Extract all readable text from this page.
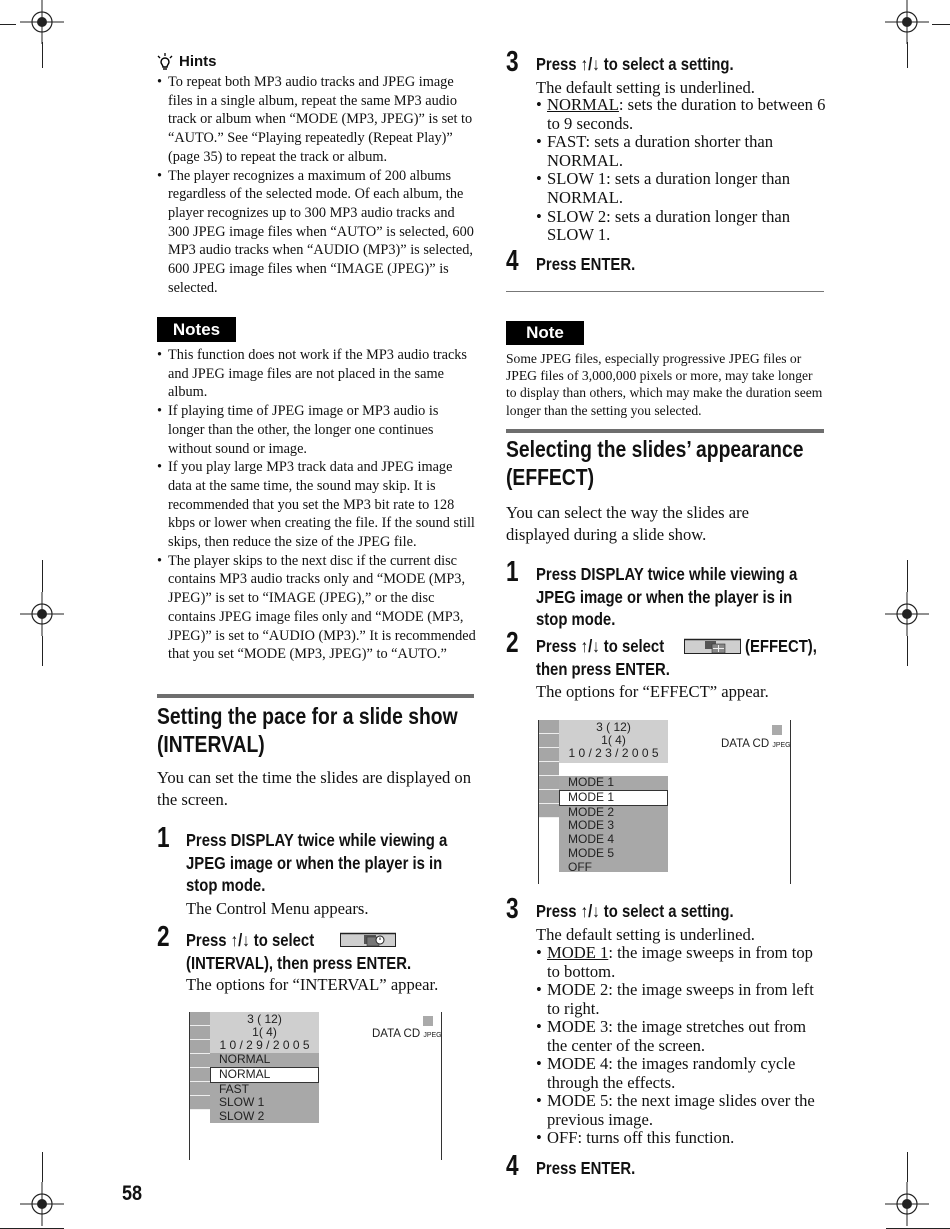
Hints
• To repeat both MP3 audio tracks and JPEG image files in a single album, repeat the same MP3 audio track or album when “MODE (MP3, JPEG)” is set to “AUTO.” See “Playing repeatedly (Repeat Play)” (page 35) to repeat the track or album.
• The player recognizes a maximum of 200 albums regardless of the selected mode. Of each album, the player recognizes up to 300 MP3 audio tracks and 300 JPEG image files when “AUTO” is selected, 600 MP3 audio tracks when “AUDIO (MP3)” is selected, 600 JPEG image files when “IMAGE (JPEG)” is selected.
Notes
• This function does not work if the MP3 audio tracks and JPEG image files are not placed in the same album.
• If playing time of JPEG image or MP3 audio is longer than the other, the longer one continues without sound or image.
• If you play large MP3 track data and JPEG image data at the same time, the sound may skip. It is recommended that you set the MP3 bit rate to 128 kbps or lower when creating the file. If the sound still skips, then reduce the size of the JPEG file.
• The player skips to the next disc if the current disc contains MP3 audio tracks only and “MODE (MP3, JPEG)” is set to “IMAGE (JPEG),” or the disc contains JPEG image files only and “MODE (MP3, JPEG)” is set to “AUDIO (MP3).” It is recommended that you set “MODE (MP3, JPEG)” to “AUTO.”
Setting the pace for a slide show
(INTERVAL)
You can set the time the slides are displayed on the screen.
1 Press DISPLAY twice while viewing a JPEG image or when the player is in stop mode.
The Control Menu appears.
2 Press ↑/↓ to select
(INTERVAL), then press ENTER.
The options for “INTERVAL” appear.
3 ( 12)
1( 4)
1 0 / 2 9 / 2 0 0 5
DATA CD JPEG
NORMAL
NORMAL
FAST
SLOW 1
SLOW 2
58
3 Press ↑/↓ to select a setting.
The default setting is underlined.
• NORMAL: sets the duration to between 6 to 9 seconds.
• FAST: sets a duration shorter than NORMAL.
• SLOW 1: sets a duration longer than NORMAL.
• SLOW 2: sets a duration longer than SLOW 1.
4 Press ENTER.
Note
Some JPEG files, especially progressive JPEG files or JPEG files of 3,000,000 pixels or more, may take longer to display than others, which may make the duration seem longer than the setting you selected.
Selecting the slides’ appearance
(EFFECT)
You can select the way the slides are displayed during a slide show.
1 Press DISPLAY twice while viewing a JPEG image or when the player is in stop mode.
2 Press ↑/↓ to select	(EFFECT),
then press ENTER.
The options for “EFFECT” appear.
3 ( 12)
1( 4)
1 0 / 2 3 / 2 0 0 5
DATA CD JPEG
MODE 1
MODE 1
MODE 2
MODE 3
MODE 4
MODE 5
OFF
3 Press ↑/↓ to select a setting.
The default setting is underlined.
• MODE 1: the image sweeps in from top to bottom.
• MODE 2: the image sweeps in from left to right.
• MODE 3: the image stretches out from the center of the screen.
• MODE 4: the images randomly cycle through the effects.
• MODE 5: the next image slides over the previous image.
• OFF: turns off this function.
4 Press ENTER.
